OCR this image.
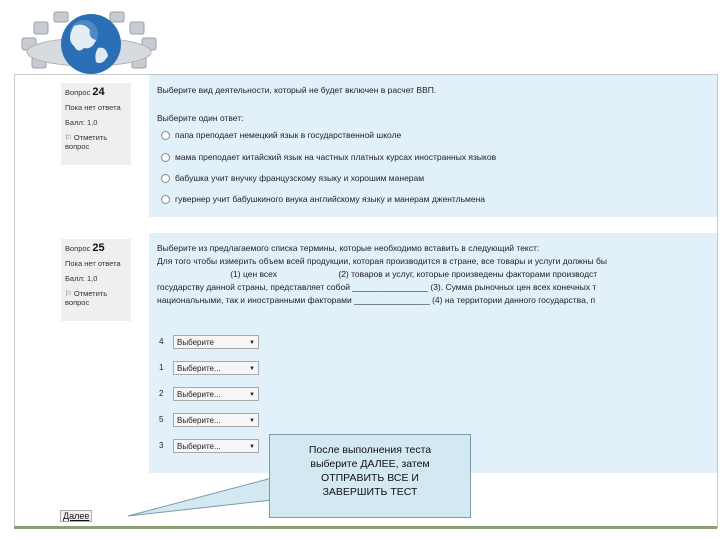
Вопрос 24
Пока нет ответа
Балл: 1,0
⚐ Отметить
вопрос
Выберите вид деятельности, который не будет включен в расчет ВВП.
Выберите один ответ:
папа преподает немецкий язык в государственной школе
мама преподает китайский язык на частных платных курсах иностранных языков
бабушка учит внучку французскому языку и хорошим манерам
гувернер учит бабушкиного внука английскому языку и манерам джентльмена
Вопрос 25
Пока нет ответа
Балл: 1,0
⚐ Отметить
вопрос
Выберите из предлагаемого списка термины, которые необходимо вставить в следующий текст:
Для того чтобы измерить объем всей продукции, которая производится в стране, все товары и услуги должны бы
(1) цен всех                          (2) товаров и услуг, которые произведены факторами производст
государству данной страны, представляет собой ________________ (3). Сумма рыночных цен всех конечных т
национальными, так и иностранными факторами ________________ (4) на территории данного государства, п
4 Выберите	▼
1 Выберите...	▼
2 Выберите...	▼
5 Выберите...	▼
3 Выберите...	▼
Далее
После выполнения теста
выберите ДАЛЕЕ, затем
ОТПРАВИТЬ ВСЕ И
ЗАВЕРШИТЬ ТЕСТ
